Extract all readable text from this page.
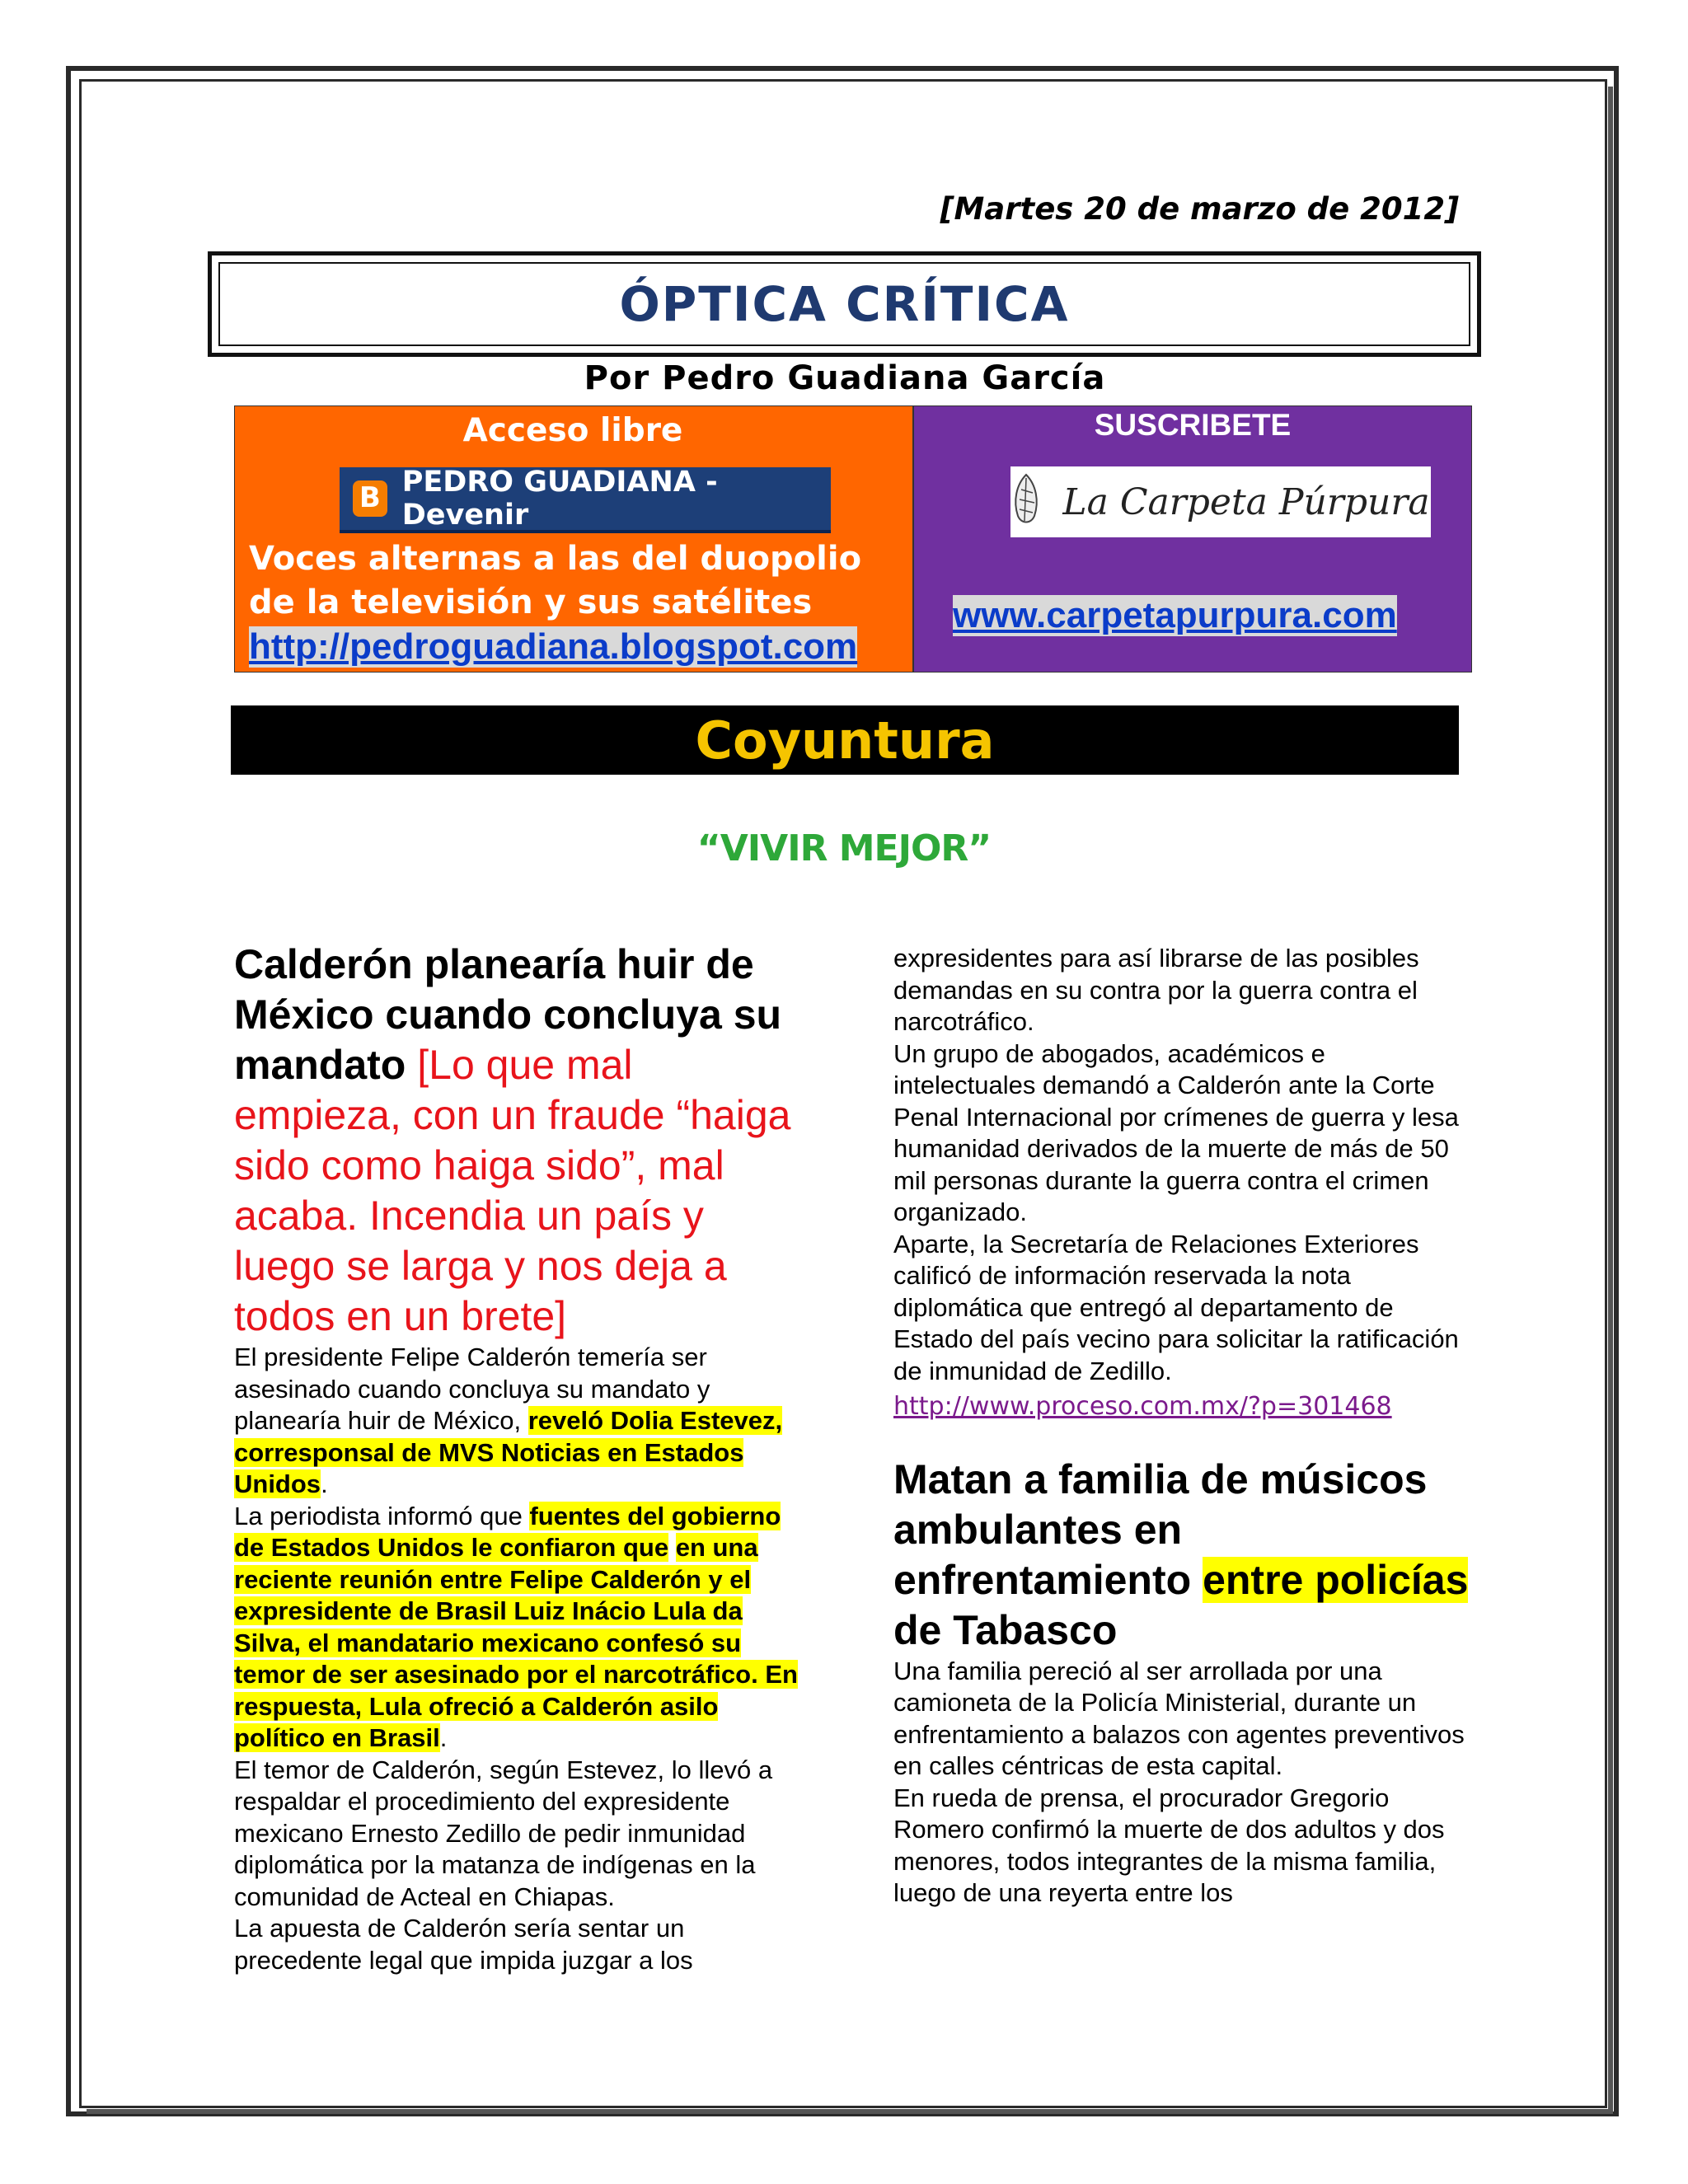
[Martes 20 de marzo de 2012]
ÓPTICA CRÍTICA
Por Pedro Guadiana García
Acceso libre
B
PEDRO GUADIANA - Devenir
Voces alternas a las del duopolio de la televisión y sus satélites
http://pedroguadiana.blogspot.com
SUSCRIBETE
La Carpeta Púrpura
www.carpetapurpura.com
Coyuntura
“VIVIR MEJOR”

Calderón planearía huir de México cuando concluya su mandato [Lo que mal empieza, con un fraude “haiga sido como haiga sido”, mal acaba. Incendia un país y luego se larga y nos deja a todos en un brete]

El presidente Felipe Calderón temería ser asesinado cuando concluya su mandato y planearía huir de México, reveló Dolia Estevez, corresponsal de MVS Noticias en Estados Unidos.

La periodista informó que fuentes del gobierno de Estados Unidos le confiaron que en una reciente reunión entre Felipe Calderón y el expresidente de Brasil Luiz Inácio Lula da Silva, el mandatario mexicano confesó su temor de ser asesinado por el narcotráfico. En respuesta, Lula ofreció a Calderón asilo político en Brasil.

El temor de Calderón, según Estevez, lo llevó a respaldar el procedimiento del expresidente mexicano Ernesto Zedillo de pedir inmunidad diplomática por la matanza de indígenas en la comunidad de Acteal en Chiapas.

La apuesta de Calderón sería sentar un precedente legal que impida juzgar a los

expresidentes para así librarse de las posibles demandas en su contra por la guerra contra el narcotráfico.

Un grupo de abogados, académicos e intelectuales demandó a Calderón ante la Corte Penal Internacional por crímenes de guerra y lesa humanidad derivados de la muerte de más de 50 mil personas durante la guerra contra el crimen organizado.

Aparte, la Secretaría de Relaciones Exteriores calificó de información reservada la nota diplomática que entregó al departamento de Estado del país vecino para solicitar la ratificación de inmunidad de Zedillo.

http://www.proceso.com.mx/?p=301468

Matan a familia de músicos ambulantes en enfrentamiento entre policías de Tabasco

Una familia pereció al ser arrollada por una camioneta de la Policía Ministerial, durante un enfrentamiento a balazos con agentes preventivos en calles céntricas de esta capital.

En rueda de prensa, el procurador Gregorio Romero confirmó la muerte de dos adultos y dos menores, todos integrantes de la misma familia, luego de una reyerta entre los
